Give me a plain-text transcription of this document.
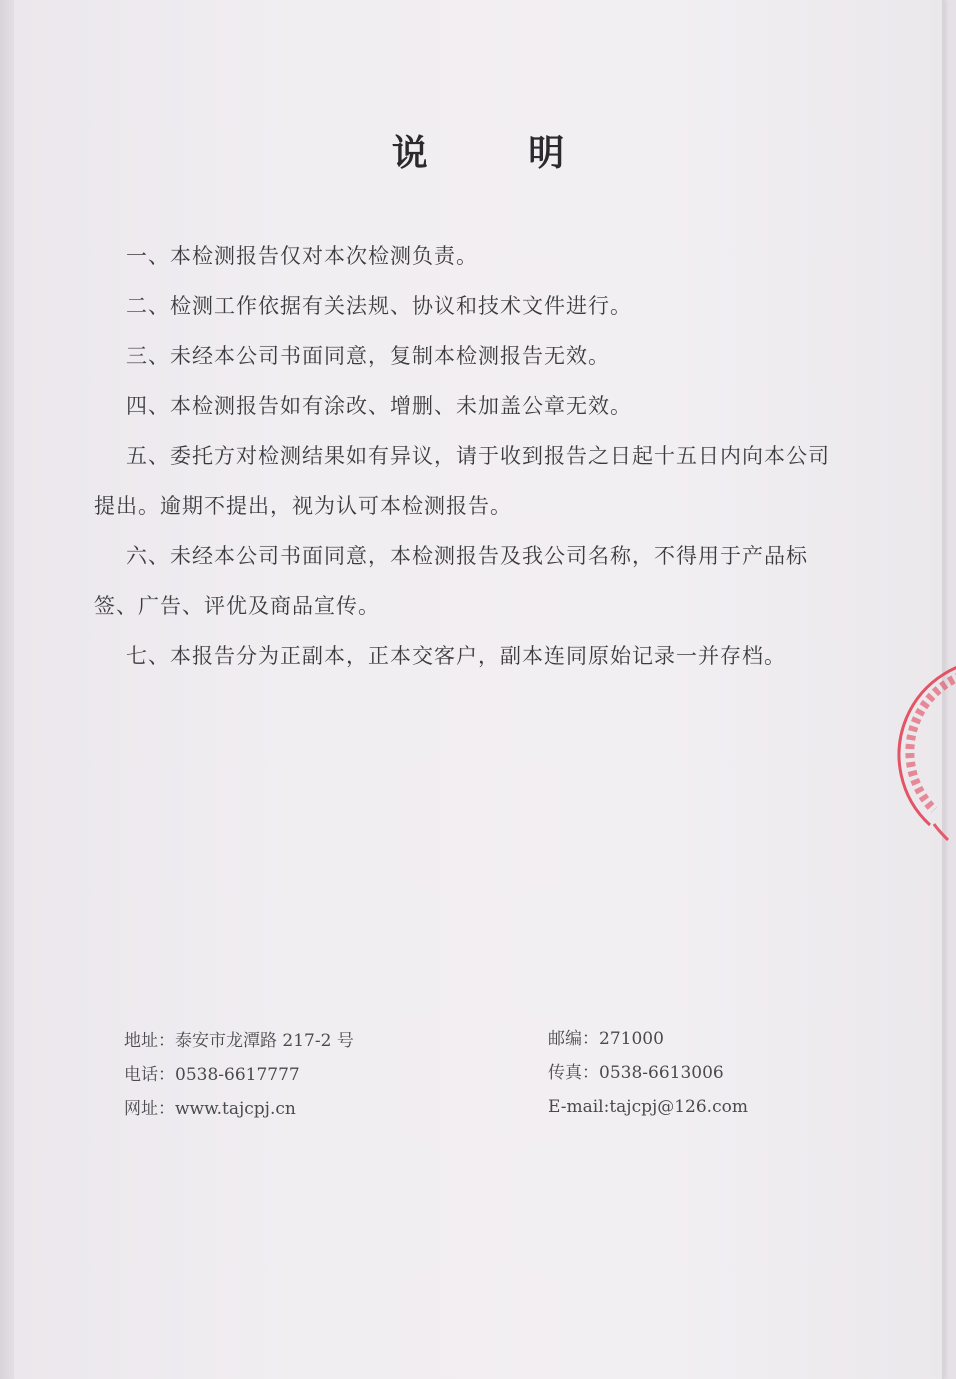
说 明
一、本检测报告仅对本次检测负责。
二、检测工作依据有关法规、协议和技术文件进行。
三、未经本公司书面同意，复制本检测报告无效。
四、本检测报告如有涂改、增删、未加盖公章无效。
五、委托方对检测结果如有异议，请于收到报告之日起十五日内向本公司提出。逾期不提出，视为认可本检测报告。
六、未经本公司书面同意，本检测报告及我公司名称，不得用于产品标签、广告、评优及商品宣传。
七、本报告分为正副本，正本交客户，副本连同原始记录一并存档。
地址：泰安市龙潭路 217-2 号
电话：0538-6617777
网址：www.tajcpj.cn
邮编：271000
传真：0538-6613006
E-mail:tajcpj@126.com
